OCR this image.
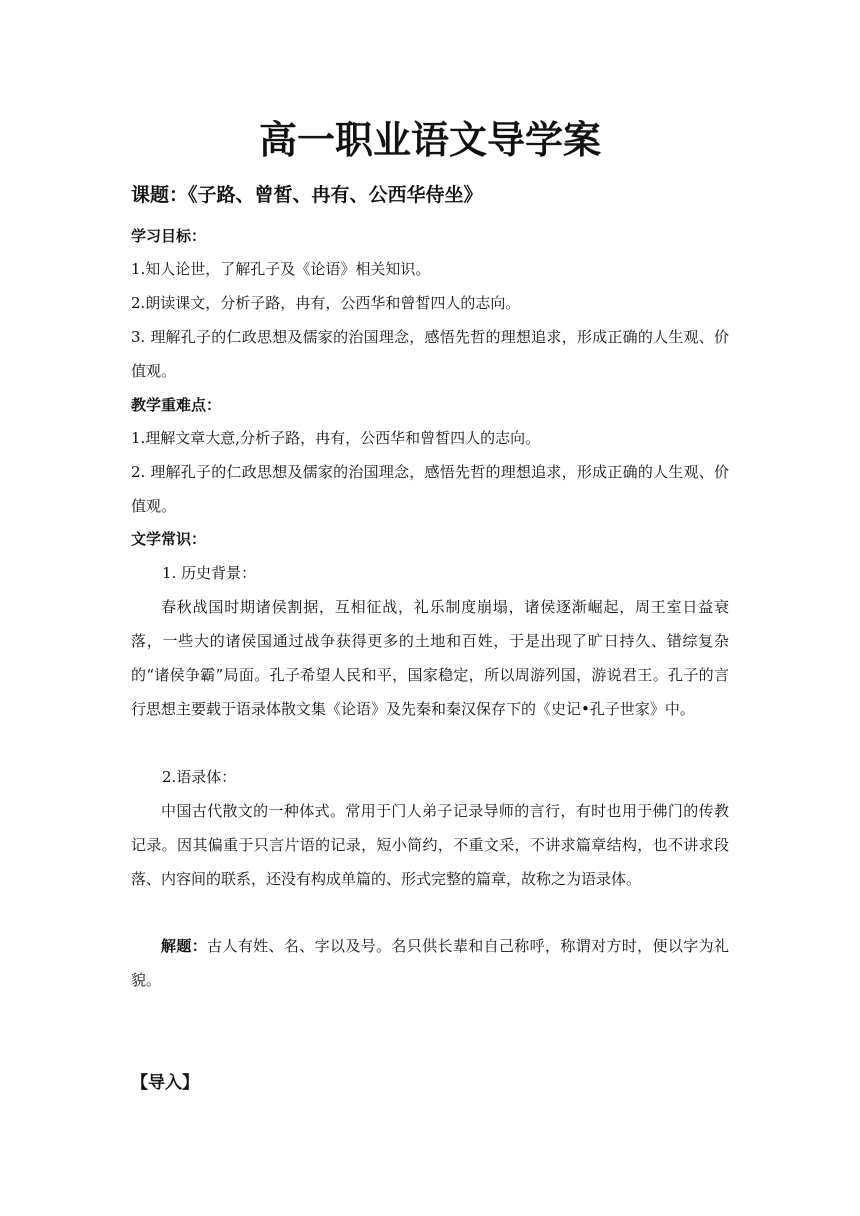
高一职业语文导学案
课题：《子路、曾皙、冉有、公西华侍坐》
学习目标：
1.知人论世，了解孔子及《论语》相关知识。
2.朗读课文，分析子路，冉有，公西华和曾皙四人的志向。
3. 理解孔子的仁政思想及儒家的治国理念，感悟先哲的理想追求，形成正确的人生观、价值观。
教学重难点：
1.理解文章大意,分析子路，冉有，公西华和曾皙四人的志向。
2. 理解孔子的仁政思想及儒家的治国理念，感悟先哲的理想追求，形成正确的人生观、价值观。
文学常识：
1. 历史背景：
春秋战国时期诸侯割据，互相征战，礼乐制度崩塌，诸侯逐渐崛起，周王室日益衰落，一些大的诸侯国通过战争获得更多的土地和百姓，于是出现了旷日持久、错综复杂的“诸侯争霸”局面。孔子希望人民和平，国家稳定，所以周游列国，游说君王。孔子的言行思想主要载于语录体散文集《论语》及先秦和秦汉保存下的《史记•孔子世家》中。
2.语录体：
中国古代散文的一种体式。常用于门人弟子记录导师的言行，有时也用于佛门的传教记录。因其偏重于只言片语的记录，短小简约，不重文采，不讲求篇章结构，也不讲求段落、内容间的联系，还没有构成单篇的、形式完整的篇章，故称之为语录体。
解题：古人有姓、名、字以及号。名只供长辈和自己称呼，称谓对方时，便以字为礼貌。
【导入】
